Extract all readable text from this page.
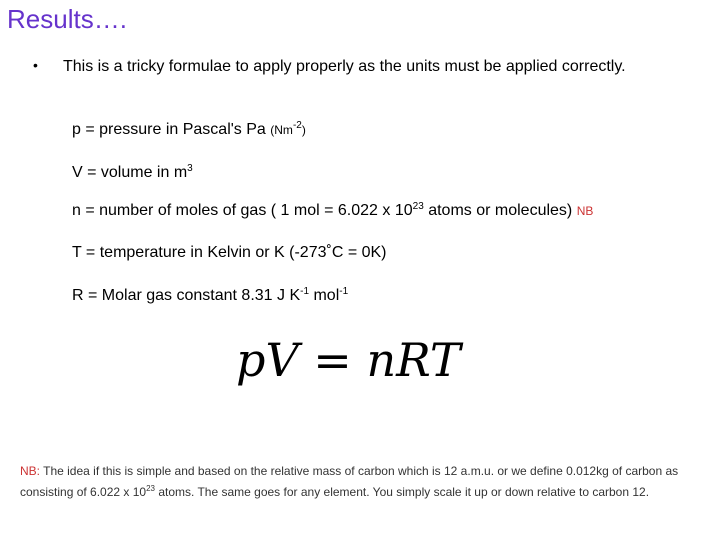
Results….
• This is a tricky formulae to apply properly as the units must be applied correctly.
p = pressure in Pascal's Pa $(Nm^{-2})$
V = volume in $m^3$
n = number of moles of gas ( 1 mol = 6.022 x $10^{23}$ atoms or molecules) NB
T = temperature in Kelvin or K (-273˚C = 0K)
R = Molar gas constant 8.31 J $K^{-1}$ mol$^{-1}$
pV = nRT
NB: The idea if this is simple and based on the relative mass of carbon which is 12 a.m.u. or we define 0.012kg of carbon as consisting of 6.022 x $10^{23}$ atoms. The same goes for any element. You simply scale it up or down relative to carbon 12.
